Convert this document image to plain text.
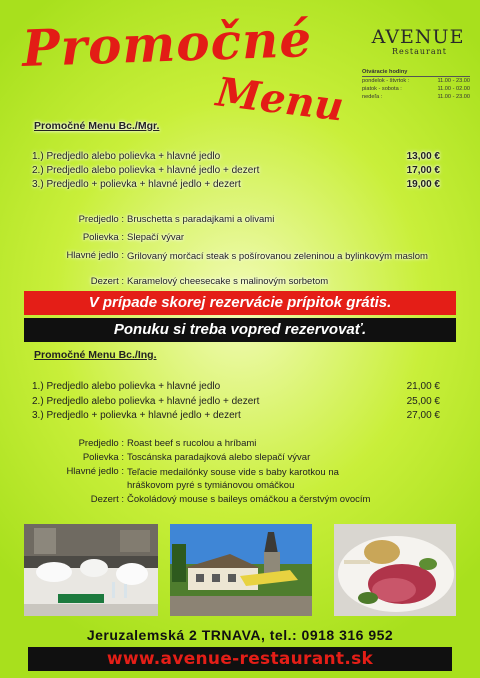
Promočné
Menu
AVENUE
Restaurant
Otváracie hodiny
pondelok - štvrtok :	11.00 - 23.00
piatok - sobota :	11.00 - 02.00
nedeľa :	11.00 - 23.00
Promočné Menu Bc./Mgr.
1.) Predjedlo alebo polievka + hlavné jedlo	13,00 €
2.) Predjedlo alebo polievka + hlavné jedlo + dezert	17,00 €
3.) Predjedlo + polievka + hlavné jedlo + dezert	19,00 €
Predjedlo : Bruschetta s paradajkami a olivami
Polievka : Slepačí vývar
Hlavné jedlo : Grilovaný morčací steak s pošírovanou zeleninou a bylinkovým maslom
Dezert : Karamelový cheesecake s malinovým sorbetom
V prípade skorej rezervácie prípitok grátis.
Ponuku si treba vopred rezervovať.
Promočné Menu Bc./Ing.
1.) Predjedlo alebo polievka + hlavné jedlo	21,00 €
2.) Predjedlo alebo polievka + hlavné jedlo + dezert	25,00 €
3.) Predjedlo + polievka + hlavné jedlo + dezert	27,00 €
Predjedlo : Roast beef s rucolou a hríbami
Polievka : Toscánska paradajková alebo slepačí vývar
Hlavné jedlo : Teľacie medailónky souse vide s baby karotkou na hráškovom pyré s tymiánovou omáčkou
Dezert : Čokoládový mouse s baileys omáčkou a čerstvým ovocím
Jeruzalemská 2 TRNAVA, tel.: 0918 316 952
www.avenue-restaurant.sk
